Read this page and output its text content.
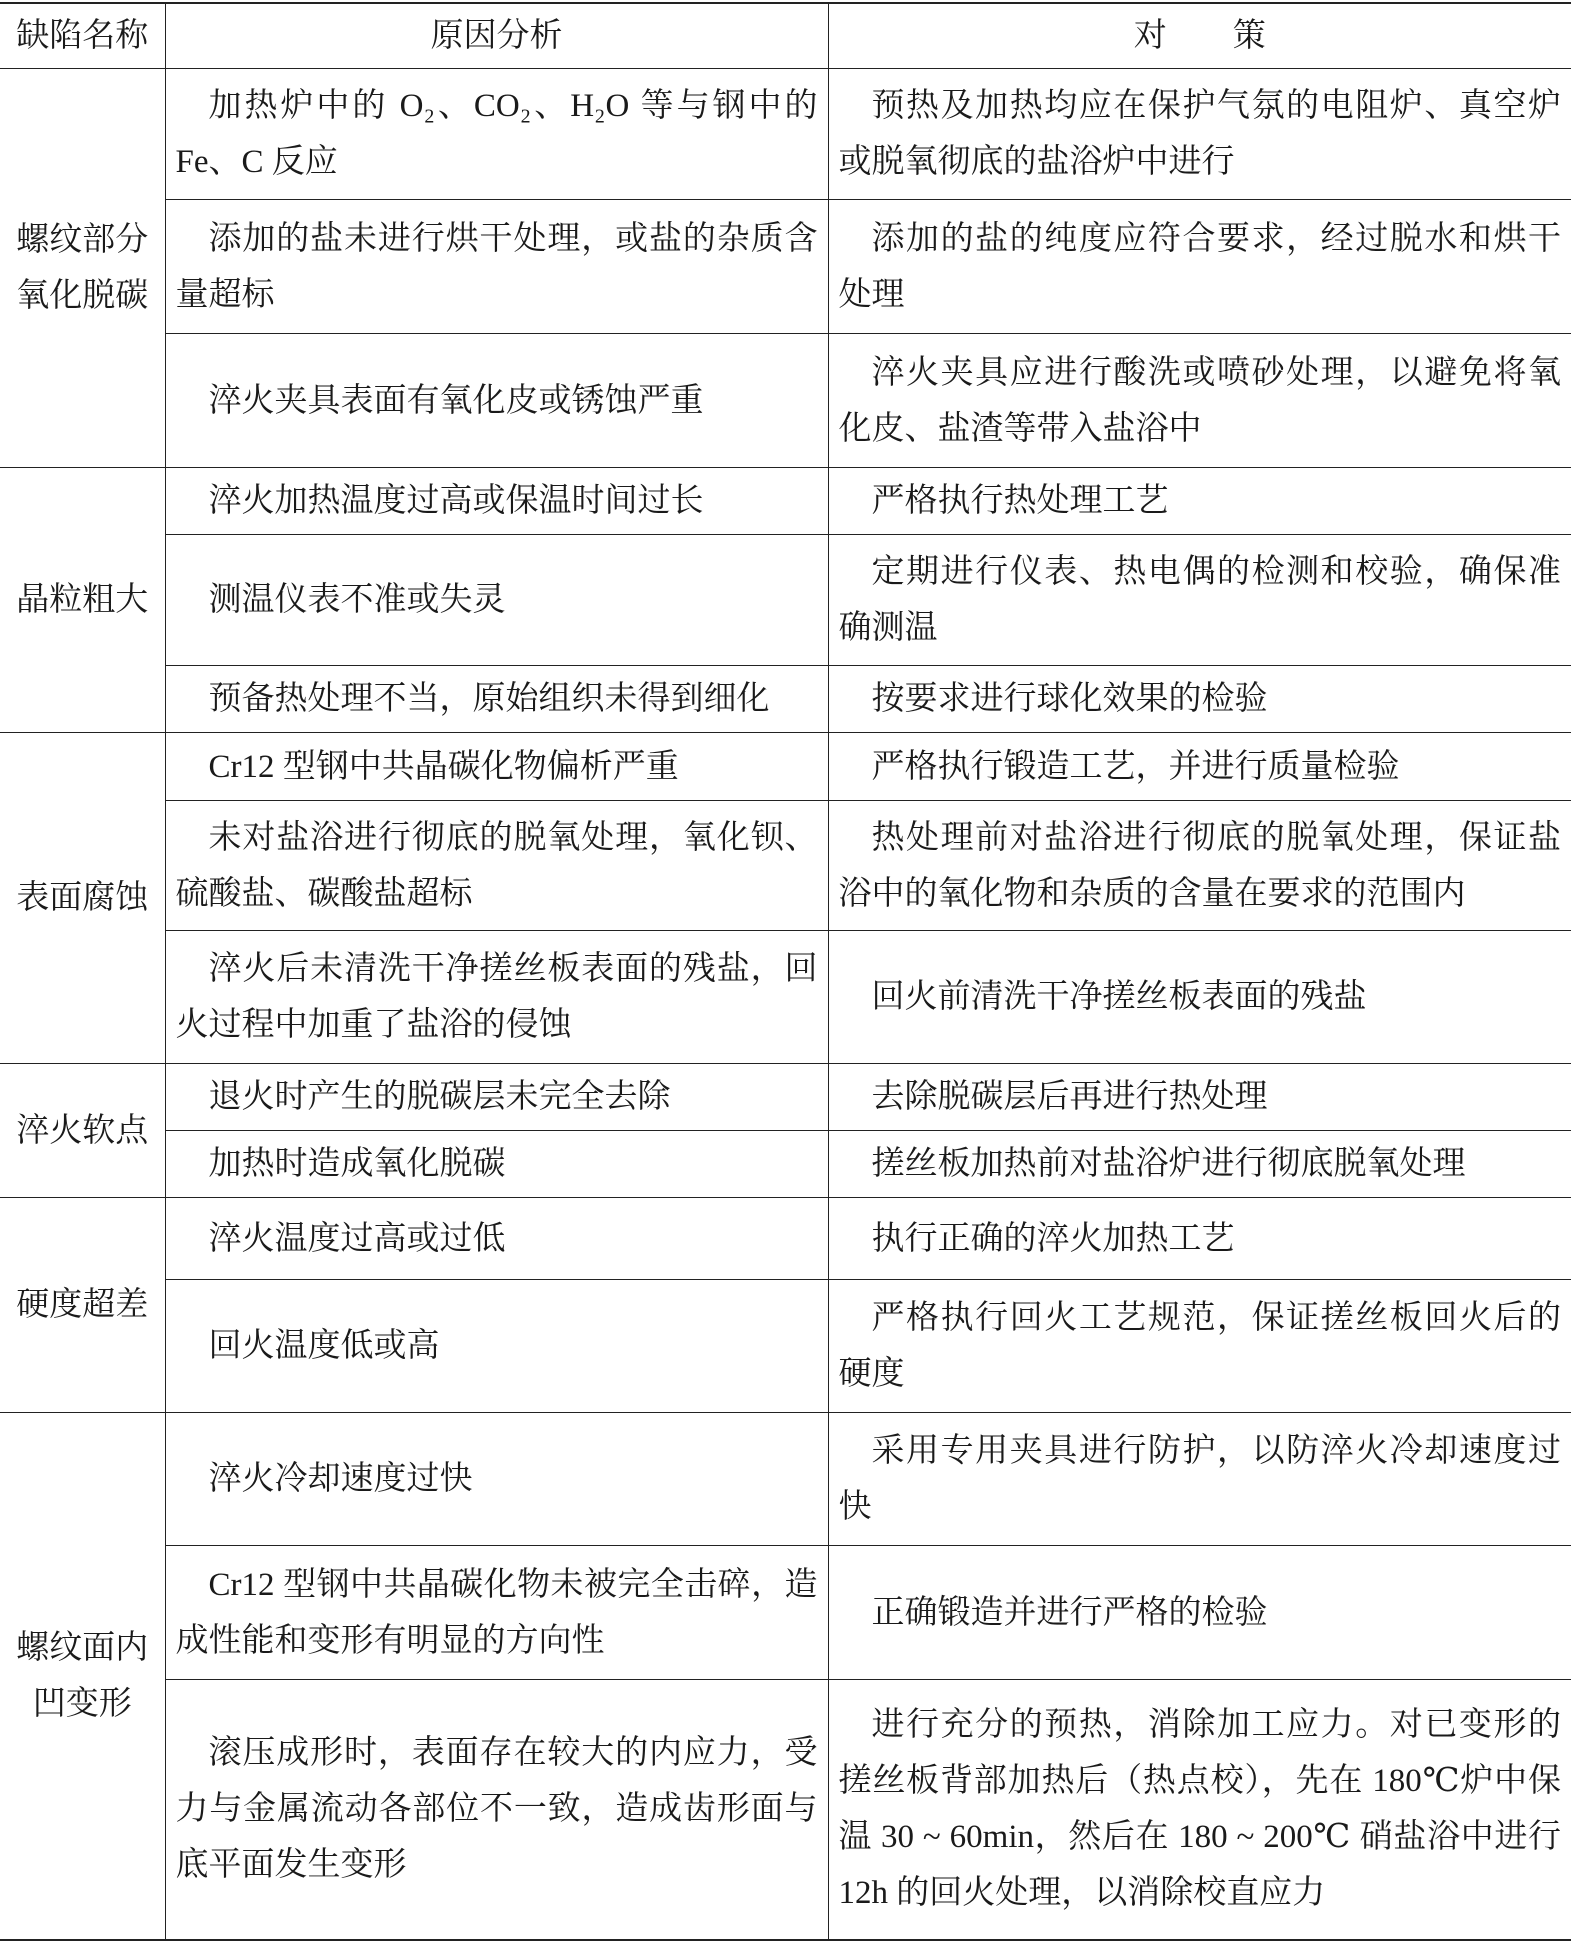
缺陷名称	原因分析	对　　策
螺纹部分氧化脱碳	加热炉中的 O₂、CO₂、H₂O 等与钢中的 Fe、C 反应	预热及加热均应在保护气氛的电阻炉、真空炉或脱氧彻底的盐浴炉中进行
	添加的盐未进行烘干处理，或盐的杂质含量超标	添加的盐的纯度应符合要求，经过脱水和烘干处理
	淬火夹具表面有氧化皮或锈蚀严重	淬火夹具应进行酸洗或喷砂处理，以避免将氧化皮、盐渣等带入盐浴中
晶粒粗大	淬火加热温度过高或保温时间过长	严格执行热处理工艺
	测温仪表不准或失灵	定期进行仪表、热电偶的检测和校验，确保准确测温
	预备热处理不当，原始组织未得到细化	按要求进行球化效果的检验
表面腐蚀	Cr12 型钢中共晶碳化物偏析严重	严格执行锻造工艺，并进行质量检验
	未对盐浴进行彻底的脱氧处理，氧化钡、硫酸盐、碳酸盐超标	热处理前对盐浴进行彻底的脱氧处理，保证盐浴中的氧化物和杂质的含量在要求的范围内
	淬火后未清洗干净搓丝板表面的残盐，回火过程中加重了盐浴的侵蚀	回火前清洗干净搓丝板表面的残盐
淬火软点	退火时产生的脱碳层未完全去除	去除脱碳层后再进行热处理
	加热时造成氧化脱碳	搓丝板加热前对盐浴炉进行彻底脱氧处理
硬度超差	淬火温度过高或过低	执行正确的淬火加热工艺
	回火温度低或高	严格执行回火工艺规范，保证搓丝板回火后的硬度
螺纹面内凹变形	淬火冷却速度过快	采用专用夹具进行防护，以防淬火冷却速度过快
	Cr12 型钢中共晶碳化物未被完全击碎，造成性能和变形有明显的方向性	正确锻造并进行严格的检验
	滚压成形时，表面存在较大的内应力，受力与金属流动各部位不一致，造成齿形面与底平面发生变形	进行充分的预热，消除加工应力。对已变形的搓丝板背部加热后（热点校），先在 180℃炉中保温 30 ~ 60min，然后在 180 ~ 200℃ 硝盐浴中进行 12h 的回火处理，以消除校直应力
